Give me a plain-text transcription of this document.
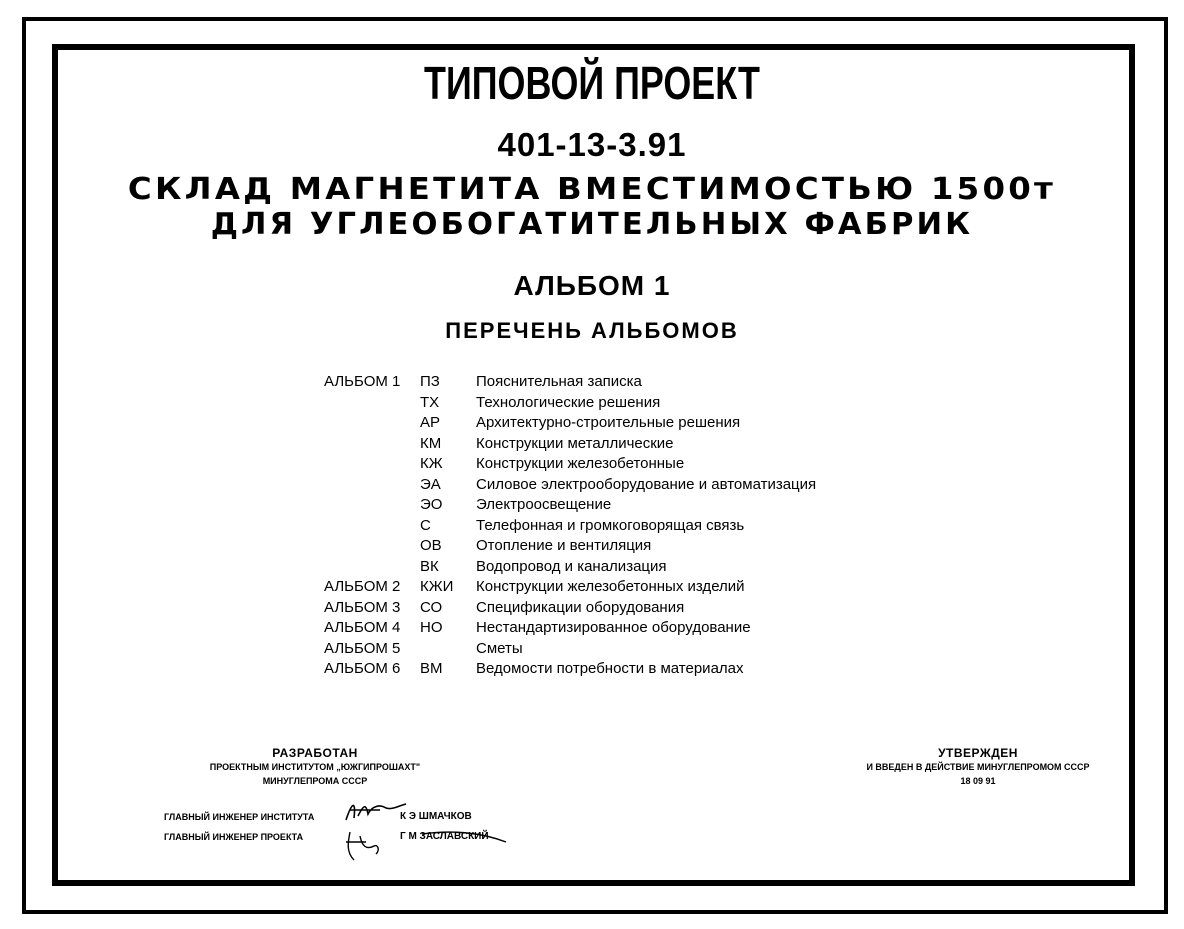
ТИПОВОЙ ПРОЕКТ
401-13-3.91
СКЛАД МАГНЕТИТА ВМЕСТИМОСТЬЮ 1500т
ДЛЯ УГЛЕОБОГАТИТЕЛЬНЫХ ФАБРИК
АЛЬБОМ 1
ПЕРЕЧЕНЬ АЛЬБОМОВ
АЛЬБОМ 1 ПЗ Пояснительная записка
ТХ Технологические решения
АР Архитектурно-строительные решения
КМ Конструкции металлические
КЖ Конструкции железобетонные
ЭА Силовое электрооборудование и автоматизация
ЭО Электроосвещение
С	Телефонная и громкоговорящая связь
ОВ Отопление и вентиляция
ВК Водопровод и канализация
АЛЬБОМ 2 КЖИ Конструкции железобетонных изделий
АЛЬБОМ 3 СО Спецификации оборудования
АЛЬБОМ 4 НО Нестандартизированное оборудование
АЛЬБОМ 5	Сметы
АЛЬБОМ 6 ВМ Ведомости потребности в материалах
РАЗРАБОТАН
ПРОЕКТНЫМ ИНСТИТУТОМ „ЮЖГИПРОШАХТ"
МИНУГЛЕПРОМА СССР
УТВЕРЖДЕН
И ВВЕДЕН В ДЕЙСТВИЕ МИНУГЛЕПРОМОМ СССР
18 09 91
ГЛАВНЫЙ ИНЖЕНЕР ИНСТИТУТА
ГЛАВНЫЙ ИНЖЕНЕР ПРОЕКТА
К Э ШМАЧКОВ
Г М ЗАСЛАВСКИЙ
